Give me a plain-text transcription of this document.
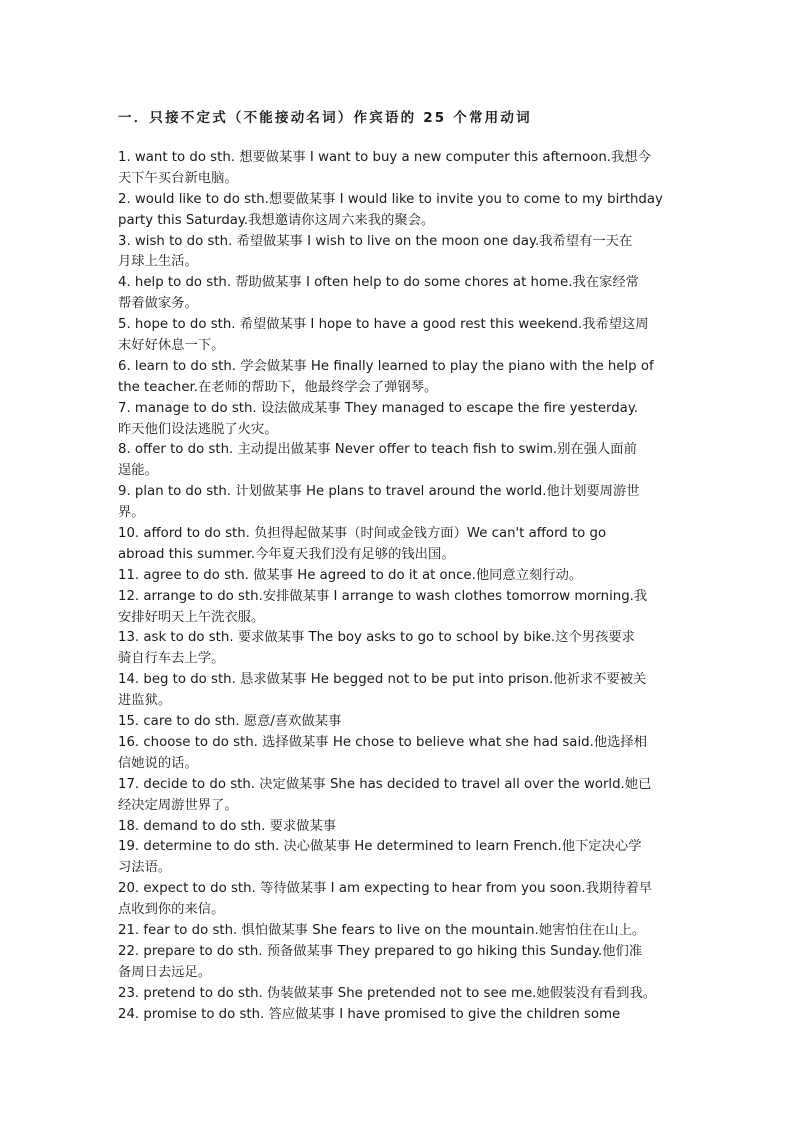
一．只接不定式（不能接动名词）作宾语的 25 个常用动词
1. want to do sth. 想要做某事 I want to buy a new computer this afternoon.我想今
天下午买台新电脑。
2. would like to do sth.想要做某事 I would like to invite you to come to my birthday
party this Saturday.我想邀请你这周六来我的聚会。
3. wish to do sth. 希望做某事 I wish to live on the moon one day.我希望有一天在
月球上生活。
4. help to do sth. 帮助做某事 I often help to do some chores at home.我在家经常
帮着做家务。
5. hope to do sth. 希望做某事 I hope to have a good rest this weekend.我希望这周
末好好休息一下。
6. learn to do sth. 学会做某事 He finally learned to play the piano with the help of
the teacher.在老师的帮助下，他最终学会了弹钢琴。
7. manage to do sth. 设法做成某事 They managed to escape the fire yesterday.
昨天他们设法逃脱了火灾。
8. offer to do sth. 主动提出做某事 Never offer to teach fish to swim.别在强人面前
逞能。
9. plan to do sth. 计划做某事 He plans to travel around the world.他计划要周游世
界。
10. afford to do sth. 负担得起做某事（时间或金钱方面）We can't afford to go
abroad this summer.今年夏天我们没有足够的钱出国。
11. agree to do sth. 做某事 He agreed to do it at once.他同意立刻行动。
12. arrange to do sth.安排做某事 I arrange to wash clothes tomorrow morning.我
安排好明天上午洗衣服。
13. ask to do sth. 要求做某事 The boy asks to go to school by bike.这个男孩要求
骑自行车去上学。
14. beg to do sth. 恳求做某事 He begged not to be put into prison.他祈求不要被关
进监狱。
15. care to do sth. 愿意/喜欢做某事
16. choose to do sth. 选择做某事 He chose to believe what she had said.他选择相
信她说的话。
17. decide to do sth. 决定做某事 She has decided to travel all over the world.她已
经决定周游世界了。
18. demand to do sth. 要求做某事
19. determine to do sth. 决心做某事 He determined to learn French.他下定决心学
习法语。
20. expect to do sth. 等待做某事 I am expecting to hear from you soon.我期待着早
点收到你的来信。
21. fear to do sth. 惧怕做某事 She fears to live on the mountain.她害怕住在山上。
22. prepare to do sth. 预备做某事 They prepared to go hiking this Sunday.他们准
备周日去远足。
23. pretend to do sth. 伪装做某事 She pretended not to see me.她假装没有看到我。
24. promise to do sth. 答应做某事 I have promised to give the children some
